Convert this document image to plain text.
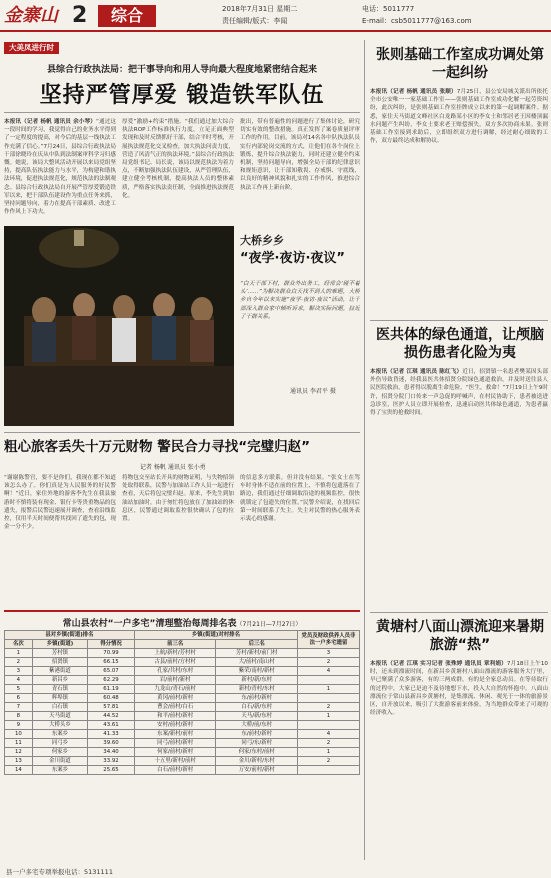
金寨山 2	综合	2018年7月31日 星期二
责任编辑/版式：李闻
电话：5011777
E-mail：csb5011777@163.com
大美凤进行时
县综合行政执法局：把干事导向和用人导向最大程度地紧密结合起来
坚持严管厚爱 锻造铁军队伍
本报讯（记者 杨帆 通讯员 余小琴）“通过这一段时间的学习，我觉得自己的业务水平得到了一定程度的提高，对今后的基层一线执法工作充满了信心。”7月24日，县综合行政执法局干部徐晓玲在庆从中队到法制案审科学习归感慨。她说，该局大整风活动开展以来局党组坚持，提高队伍执法能力与水平，为构建和谐执法环境，促进执法规范化，规范执法的法制观念。县综合行政执法局自开展严管厚爱锻造铁军以来，把干部队伍建设作为重点任务来抓，坚持问题导向，着力在提高干部素质、改进工作作风上下功夫。
厚爱”激励+约束”措施。“我们通过加大综合执法ROP工作标准执行力度，立足正面典型发现和及时反馈抓好干部，结合平时考核，开展执法规范化交叉检查，加大执法问责力度，营造了风清气正的执法环境。”县综合行政执法局党组书记、局长说，该局以规范执法为着力点，不断加强执法队伍建设，从严管理队伍，建立健全考核机制，提高执法人员的整体素质，严格落实执法责任制，全面推进执法规范化。
批出，带有普遍性的问题进行了集体讨论，研究切实有效的整改措施。真正发挥了案卷质量评审工作的作用。目前，该局对14名各中队执法队员实行内部轮岗交流的方式，让他们在各个岗位上锻炼，提升综合执法能力，同时还建立健全约束机制，坚持问题导向，增强全局干部的纪律意识和规矩意识，让干部知敬畏、存戒惧、守底线，以良好的精神风貌和扎实的工作作风，推进综合执法工作再上新台阶。
大桥乡乡
“夜学·夜访·夜议”
“白天干部下村，群众外出务工，经常会‘碰不着头’……”为解决群众白天找不到人的难题，大桥乡自今年以来实施“夜学·夜访·夜议”活动，让干部深入群众家中倾听诉求，解决实际问题，拉近了干群关系。
通讯员 李君平 摄
粗心旅客丢失十万元财物 警民合力寻找“完璧归赵”
记者 杨帆 通讯员 张小勇
“谢谢陈警官，要不是你们，我现在都不知道该怎么办了。你们真是为人民服务的好民警啊！”近日，家住外地的游客李先生在我县旅游时不慎将装有现金、银行卡等贵重物品的包遗失，报警后民警迅速展开调查，查看沿线监控，仅用半天时间便帮其找回了遗失的包，现金一分不少。
将物包交至站长开具的财物证明，与失物招领处取得联系，民警与加油站工作人员一起进行查看，天后将包完璧归赵。原来，李先生到加油站加油时，由于匆忙将包放在了加油站的休息区，民警通过调取监控很快确认了包的位置。
的信息多方联系，但并没有结果。“张女士在驾车时身体不适在前的位置上，不慎将包遗落在了路边，我们通过仔细调取沿途的视频监控，很快就锁定了包遗失的位置。”民警介绍说，在找回后第一时间联系了失主。失主对民警的热心服务表示衷心的感谢。
常山县农村“一户多宅”清理整治每周排名表（7月21日—7月27日）
县对乡镇(街道)排名			乡镇(街道)对村排名		党员及财政供养人员非法一户多宅遗留
名次	乡镇(街道)	得分情况	前三名	后三名	
1	芳村镇	70.99	上航/新村/芳村村	芳村/新村/前门村	3
2	招贤镇	66.15	古县/前村/方村村	大/前村/南山村	2
3	紫港街道	65.07	孔家/共村/东村	紫荣/南村/新村	4
4	新昌乡	62.29	岩/前村/新村	新村/新/东村	
5	青石镇	61.19	九龙山/青石/前村	新村/青村/东村	1
6	辉埠镇	60.48	黄冈/前村/新村	东/前村/新村	
7	白石镇	57.81	曹会/前村/白石	白石/新/东村	2
8	天马街道	44.52	和平/前村/新村	天马/新/东村	1
9	大桥头乡	43.61	安村/前村/新村	大桥/前/东村	
10	东案乡	41.33	东案/新村/前村	东/前村/新村	4
11	同弓乡	39.60	同弓/前村/新村	同弓/东/新村	2
12	何家乡	34.40	何家/前村/新村	何家/东村/前村	1
13	金川街道	33.92	十五里/新村/前村	金川/新村/东村	2
14	东案乡	25.65	白石/前村/新村	万安/前村/新村	
张则基础工作室成功调处第一起纠纷
本报讯（记者 杨帆 通讯员 张顺）7月25日，县公安局城关派出所依托全市公安唯一一家基础工作室——张则基础工作室成功化解一起劳资纠纷，此次纠纷，是张则基础工作室挂牌成立以来的第一起调解案件。据悉，家住天马街道文峰社区白龙路某小区的李女士和邻居老王因楼顶漏水问题产生纠纷，李女士要求老王赔偿损失，双方多次协商未果。张则基础工作室接到求助后，立即组织双方进行调解，经过耐心细致的工作，双方最终达成和解协议。
医共体的绿色通道，让颅脑损伤患者化险为夷
本报讯（记者 江琪 通讯员 陈红飞）近日，招贤镇一名患者樊某因头部外伤导致昏迷，经我县医共体招贤分院绿色通道救治，并及时送往县人民医院救治，患者得以脱离生命危险。“医生，救命！”7月19日上午9时许，招贤分院门口传来一声急促的呼喊声，在村民协助下，患者被送进急诊室，医护人员立即开展检查，迅速启动医共体绿色通道，为患者赢得了宝贵的抢救时间。
黄塘村八面山漂流迎来暑期旅游“热”
本报讯（记者 江琪 实习记者 张殊婷 通讯员 章利娟）7月18日上午10时，还未到漂流时间，在新昌乡黄塘村八面山漂流的游客服务大厅里，早已聚满了众多游客，有的三两成群，有的是全家总动员。在等待取行的过程中，大家已是迫不及待地想下水，投入大自然的怀抱中。八面山漂流位于常山县新昌乡黄塘村，是集漂流、休闲、观光于一体的旅游景区，自开放以来，吸引了大批游客前来体验，为当地群众带来了可观的经济收入。
县一户多宅专项举报电话：5131111
